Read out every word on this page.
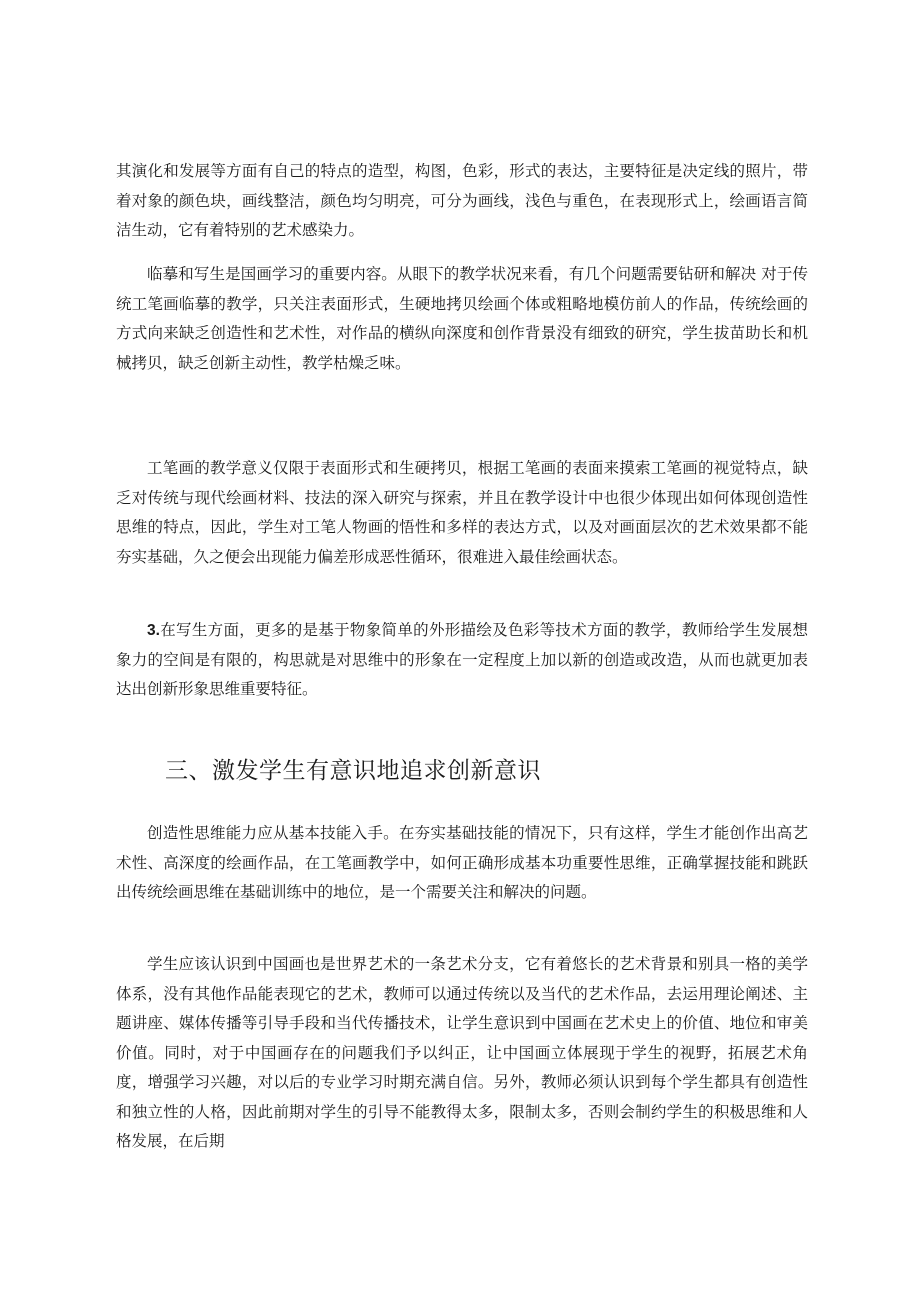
其演化和发展等方面有自己的特点的造型，构图，色彩，形式的表达，主要特征是决定线的照片，带着对象的颜色块，画线整洁，颜色均匀明亮，可分为画线，浅色与重色，在表现形式上，绘画语言简洁生动，它有着特别的艺术感染力。

临摹和写生是国画学习的重要内容。从眼下的教学状况来看，有几个问题需要钻研和解决 对于传统工笔画临摹的教学，只关注表面形式，生硬地拷贝绘画个体或粗略地模仿前人的作品，传统绘画的方式向来缺乏创造性和艺术性，对作品的横纵向深度和创作背景没有细致的研究，学生拔苗助长和机械拷贝，缺乏创新主动性，教学枯燥乏味。

工笔画的教学意义仅限于表面形式和生硬拷贝，根据工笔画的表面来摸索工笔画的视觉特点，缺乏对传统与现代绘画材料、技法的深入研究与探索，并且在教学设计中也很少体现出如何体现创造性思维的特点，因此，学生对工笔人物画的悟性和多样的表达方式，以及对画面层次的艺术效果都不能夯实基础，久之便会出现能力偏差形成恶性循环，很难进入最佳绘画状态。

3.在写生方面，更多的是基于物象简单的外形描绘及色彩等技术方面的教学，教师给学生发展想象力的空间是有限的，构思就是对思维中的形象在一定程度上加以新的创造或改造，从而也就更加表达出创新形象思维重要特征。

三、激发学生有意识地追求创新意识

创造性思维能力应从基本技能入手。在夯实基础技能的情况下，只有这样，学生才能创作出高艺术性、高深度的绘画作品，在工笔画教学中，如何正确形成基本功重要性思维，正确掌握技能和跳跃出传统绘画思维在基础训练中的地位，是一个需要关注和解决的问题。

学生应该认识到中国画也是世界艺术的一条艺术分支，它有着悠长的艺术背景和别具一格的美学体系，没有其他作品能表现它的艺术，教师可以通过传统以及当代的艺术作品，去运用理论阐述、主题讲座、媒体传播等引导手段和当代传播技术，让学生意识到中国画在艺术史上的价值、地位和审美价值。同时，对于中国画存在的问题我们予以纠正，让中国画立体展现于学生的视野，拓展艺术角度，增强学习兴趣，对以后的专业学习时期充满自信。另外，教师必须认识到每个学生都具有创造性和独立性的人格，因此前期对学生的引导不能教得太多，限制太多，否则会制约学生的积极思维和人格发展，在后期
